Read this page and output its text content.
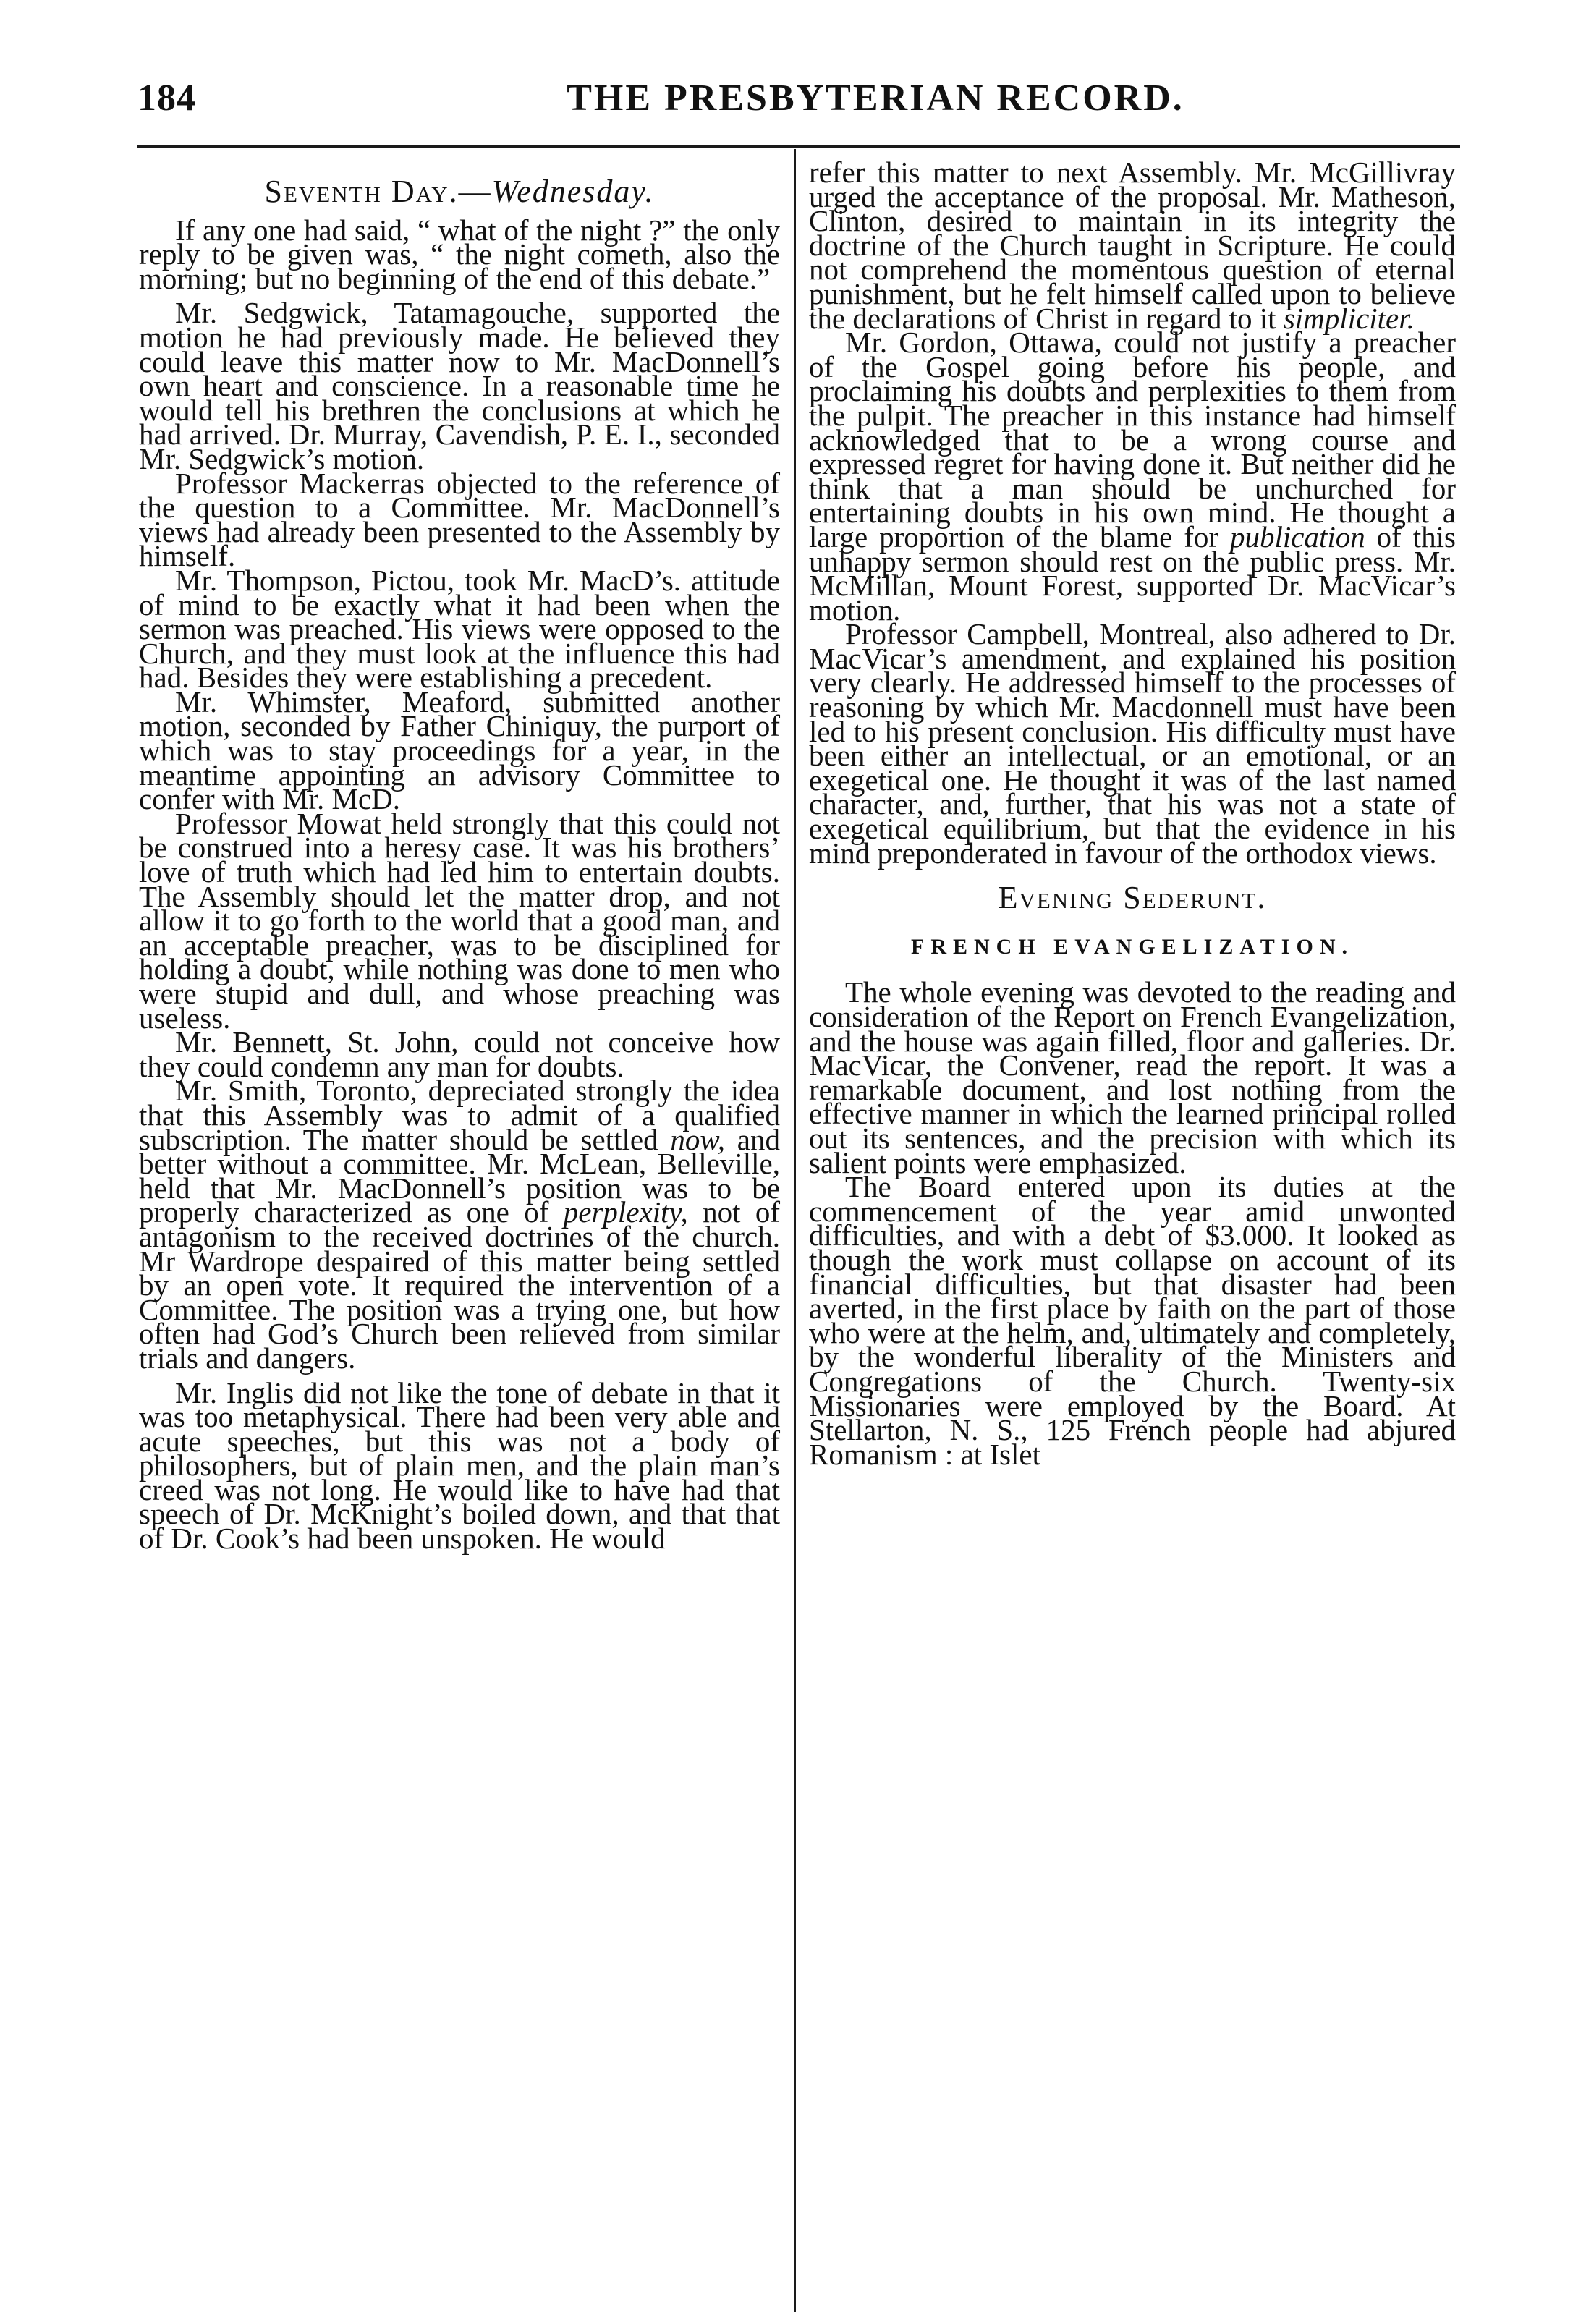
184	THE PRESBYTERIAN RECORD.
Seventh Day.—Wednesday.

If any one had said, “ what of the night ?” the only reply to be given was, “ the night cometh, also the morning; but no beginning of the end of this debate.”

Mr. Sedgwick, Tatamagouche, supported the motion he had previously made. He believed they could leave this matter now to Mr. MacDonnell’s own heart and conscience. In a reasonable time he would tell his brethren the conclusions at which he had arrived. Dr. Murray, Cavendish, P. E. I., seconded Mr. Sedgwick’s motion.

Professor Mackerras objected to the reference of the question to a Committee. Mr. MacDonnell’s views had already been presented to the Assembly by himself.

Mr. Thompson, Pictou, took Mr. MacD’s. attitude of mind to be exactly what it had been when the sermon was preached. His views were opposed to the Church, and they must look at the influence this had had. Besides they were establishing a precedent.

Mr. Whimster, Meaford, submitted another motion, seconded by Father Chiniquy, the purport of which was to stay proceedings for a year, in the meantime appointing an advisory Committee to confer with Mr. McD.

Professor Mowat held strongly that this could not be construed into a heresy case. It was his brothers’ love of truth which had led him to entertain doubts. The Assembly should let the matter drop, and not allow it to go forth to the world that a good man, and an acceptable preacher, was to be disciplined for holding a doubt, while nothing was done to men who were stupid and dull, and whose preaching was useless.

Mr. Bennett, St. John, could not conceive how they could condemn any man for doubts.

Mr. Smith, Toronto, depreciated strongly the idea that this Assembly was to admit of a qualified subscription. The matter should be settled now, and better without a committee. Mr. McLean, Belleville, held that Mr. MacDonnell’s position was to be properly characterized as one of perplexity, not of antagonism to the received doctrines of the church. Mr Wardrope despaired of this matter being settled by an open vote. It required the intervention of a Committee. The position was a trying one, but how often had God’s Church been relieved from similar trials and dangers.

Mr. Inglis did not like the tone of debate in that it was too metaphysical. There had been very able and acute speeches, but this was not a body of philosophers, but of plain men, and the plain man’s creed was not long. He would like to have had that speech of Dr. McKnight’s boiled down, and that that of Dr. Cook’s had been unspoken. He would

refer this matter to next Assembly. Mr. McGillivray urged the acceptance of the proposal. Mr. Matheson, Clinton, desired to maintain in its integrity the doctrine of the Church taught in Scripture. He could not comprehend the momentous question of eternal punishment, but he felt himself called upon to believe the declarations of Christ in regard to it simpliciter.

Mr. Gordon, Ottawa, could not justify a preacher of the Gospel going before his people, and proclaiming his doubts and perplexities to them from the pulpit. The preacher in this instance had himself acknowledged that to be a wrong course and expressed regret for having done it. But neither did he think that a man should be unchurched for entertaining doubts in his own mind. He thought a large proportion of the blame for publication of this unhappy sermon should rest on the public press. Mr. McMillan, Mount Forest, supported Dr. MacVicar’s motion.

Professor Campbell, Montreal, also adhered to Dr. MacVicar’s amendment, and explained his position very clearly. He addressed himself to the processes of reasoning by which Mr. Macdonnell must have been led to his present conclusion. His difficulty must have been either an intellectual, or an emotional, or an exegetical one. He thought it was of the last named character, and, further, that his was not a state of exegetical equilibrium, but that the evidence in his mind preponderated in favour of the orthodox views.

Evening Sederunt.
FRENCH EVANGELIZATION.

The whole evening was devoted to the reading and consideration of the Report on French Evangelization, and the house was again filled, floor and galleries. Dr. MacVicar, the Convener, read the report. It was a remarkable document, and lost nothing from the effective manner in which the learned principal rolled out its sentences, and the precision with which its salient points were emphasized.

The Board entered upon its duties at the commencement of the year amid unwonted difficulties, and with a debt of $3.000. It looked as though the work must collapse on account of its financial difficulties, but that disaster had been averted, in the first place by faith on the part of those who were at the helm, and, ultimately and completely, by the wonderful liberality of the Ministers and Congregations of the Church. Twenty-six Missionaries were employed by the Board. At Stellarton, N. S., 125 French people had abjured Romanism : at Islet
